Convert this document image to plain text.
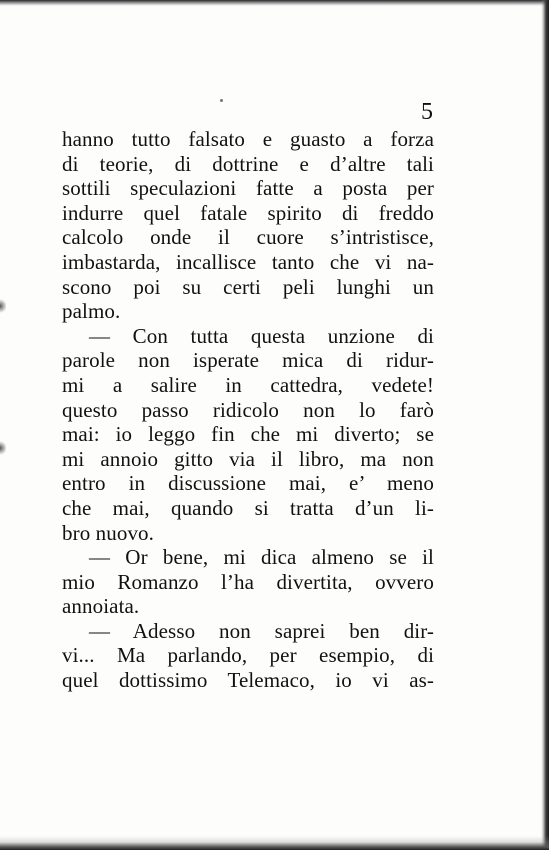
5
hanno tutto falsato e guasto a forza
di teorie, di dottrine e d’altre tali
sottili speculazioni fatte a posta per
indurre quel fatale spirito di freddo
calcolo onde il cuore s’intristisce,
imbastarda, incallisce tanto che vi na-
scono poi su certi peli lunghi un
palmo.
— Con tutta questa unzione di
parole non isperate mica di ridur-
mi a salire in cattedra, vedete!
questo passo ridicolo non lo farò
mai: io leggo fin che mi diverto; se
mi annoio gitto via il libro, ma non
entro in discussione mai, e’ meno
che mai, quando si tratta d’un li-
bro nuovo.
— Or bene, mi dica almeno se il
mio Romanzo l’ha divertita, ovvero
annoiata.
— Adesso non saprei ben dir-
vi... Ma parlando, per esempio, di
quel dottissimo Telemaco, io vi as-
